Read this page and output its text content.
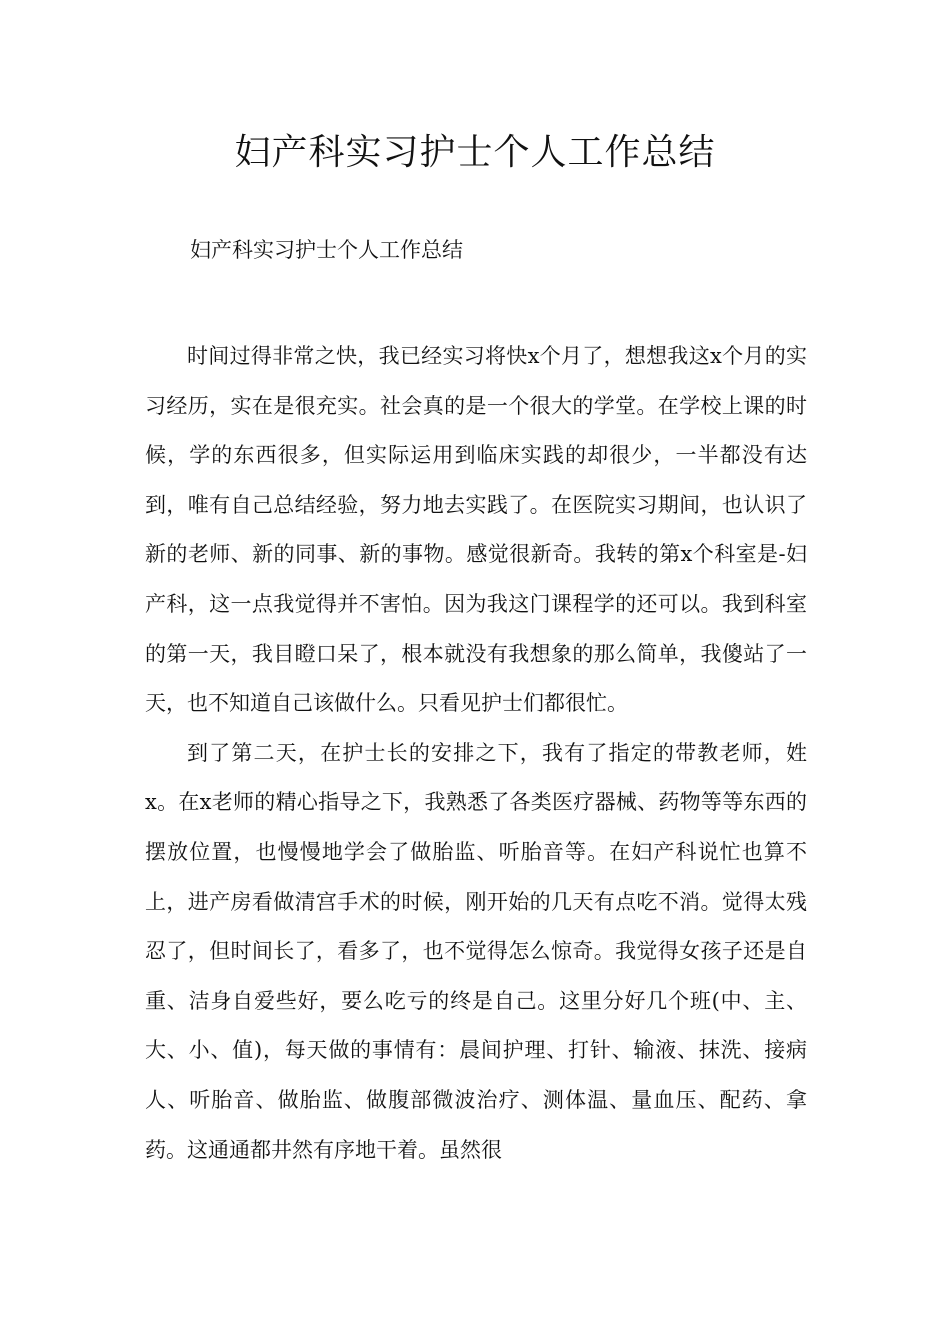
妇产科实习护士个人工作总结

妇产科实习护士个人工作总结

时间过得非常之快，我已经实习将快x个月了，想想我这x个月的实习经历，实在是很充实。社会真的是一个很大的学堂。在学校上课的时候，学的东西很多，但实际运用到临床实践的却很少，一半都没有达到，唯有自己总结经验，努力地去实践了。在医院实习期间，也认识了新的老师、新的同事、新的事物。感觉很新奇。我转的第x个科室是-妇产科，这一点我觉得并不害怕。因为我这门课程学的还可以。我到科室的第一天，我目瞪口呆了，根本就没有我想象的那么简单，我傻站了一天，也不知道自己该做什么。只看见护士们都很忙。

到了第二天，在护士长的安排之下，我有了指定的带教老师，姓x。在x老师的精心指导之下，我熟悉了各类医疗器械、药物等等东西的摆放位置，也慢慢地学会了做胎监、听胎音等。在妇产科说忙也算不上，进产房看做清宫手术的时候，刚开始的几天有点吃不消。觉得太残忍了，但时间长了，看多了，也不觉得怎么惊奇。我觉得女孩子还是自重、洁身自爱些好，要么吃亏的终是自己。这里分好几个班(中、主、大、小、值)，每天做的事情有：晨间护理、打针、输液、抹洗、接病人、听胎音、做胎监、做腹部微波治疗、测体温、量血压、配药、拿药。这通通都井然有序地干着。虽然很
